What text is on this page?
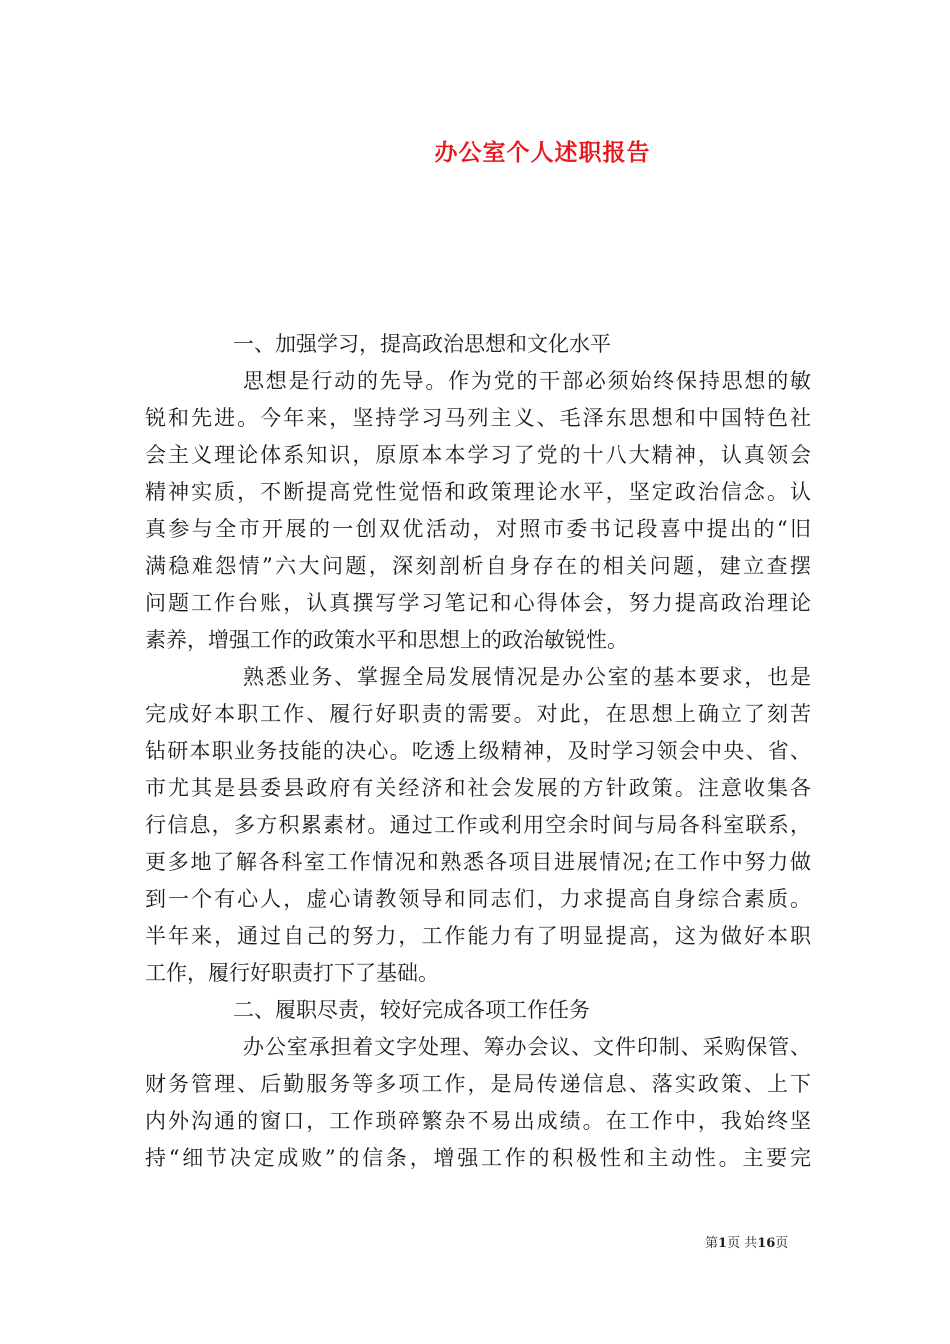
办公室个人述职报告
一、加强学习，提高政治思想和文化水平
思想是行动的先导。作为党的干部必须始终保持思想的敏
锐和先进。今年来，坚持学习马列主义、毛泽东思想和中国特色社
会主义理论体系知识，原原本本学习了党的十八大精神，认真领会
精神实质，不断提高党性觉悟和政策理论水平，坚定政治信念。认
真参与全市开展的一创双优活动，对照市委书记段喜中提出的“旧
满稳难怨情”六大问题，深刻剖析自身存在的相关问题，建立查摆
问题工作台账，认真撰写学习笔记和心得体会，努力提高政治理论
素养，增强工作的政策水平和思想上的政治敏锐性。
熟悉业务、掌握全局发展情况是办公室的基本要求，也是
完成好本职工作、履行好职责的需要。对此，在思想上确立了刻苦
钻研本职业务技能的决心。吃透上级精神，及时学习领会中央、省、
市尤其是县委县政府有关经济和社会发展的方针政策。注意收集各
行信息，多方积累素材。通过工作或利用空余时间与局各科室联系，
更多地了解各科室工作情况和熟悉各项目进展情况;在工作中努力做
到一个有心人，虚心请教领导和同志们，力求提高自身综合素质。
半年来，通过自己的努力，工作能力有了明显提高，这为做好本职
工作，履行好职责打下了基础。
二、履职尽责，较好完成各项工作任务
办公室承担着文字处理、筹办会议、文件印制、采购保管、
财务管理、后勤服务等多项工作，是局传递信息、落实政策、上下
内外沟通的窗口，工作琐碎繁杂不易出成绩。在工作中，我始终坚
持“细节决定成败”的信条，增强工作的积极性和主动性。主要完
第1页 共16页
